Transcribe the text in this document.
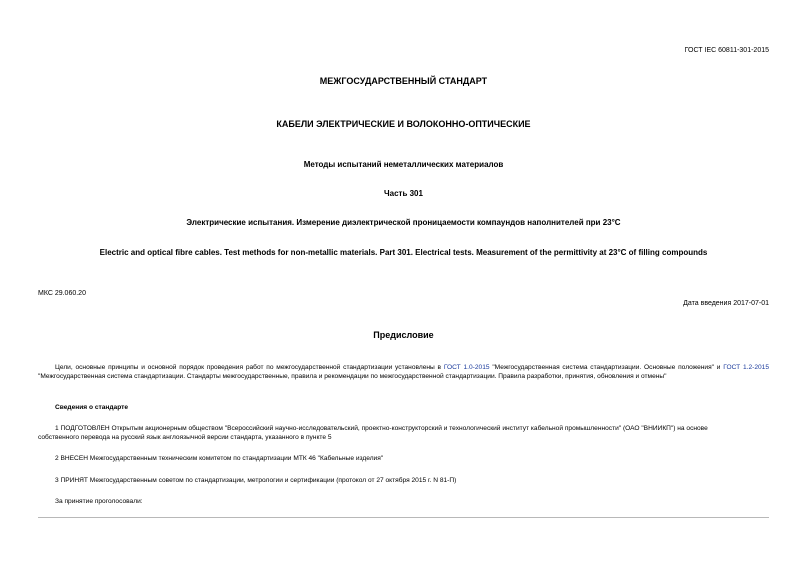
ГОСТ IEC 60811-301-2015
МЕЖГОСУДАРСТВЕННЫЙ СТАНДАРТ
КАБЕЛИ ЭЛЕКТРИЧЕСКИЕ И ВОЛОКОННО-ОПТИЧЕСКИЕ
Методы испытаний неметаллических материалов
Часть 301
Электрические испытания. Измерение диэлектрической проницаемости компаундов наполнителей при 23°С
Electric and optical fibre cables. Test methods for non-metallic materials. Part 301. Electrical tests. Measurement of the permittivity at 23°C of filling compounds
МКС 29.060.20
Дата введения 2017-07-01
Предисловие
Цели, основные принципы и основной порядок проведения работ по межгосударственной стандартизации установлены в ГОСТ 1.0-2015 "Межгосударственная система стандартизации. Основные положения" и ГОСТ 1.2-2015 "Межгосударственная система стандартизации. Стандарты межгосударственные, правила и рекомендации по межгосударственной стандартизации. Правила разработки, принятия, обновления и отмены"
Сведения о стандарте
1 ПОДГОТОВЛЕН Открытым акционерным обществом "Всероссийский научно-исследовательский, проектно-конструкторский и технологический институт кабельной промышленности" (ОАО "ВНИИКП") на основе
собственного перевода на русский язык англоязычной версии стандарта, указанного в пункте 5
2 ВНЕСЕН Межгосударственным техническим комитетом по стандартизации МТК 46 "Кабельные изделия"
3 ПРИНЯТ Межгосударственным советом по стандартизации, метрологии и сертификации (протокол от 27 октября 2015 г. N 81-П)
За принятие проголосовали:
